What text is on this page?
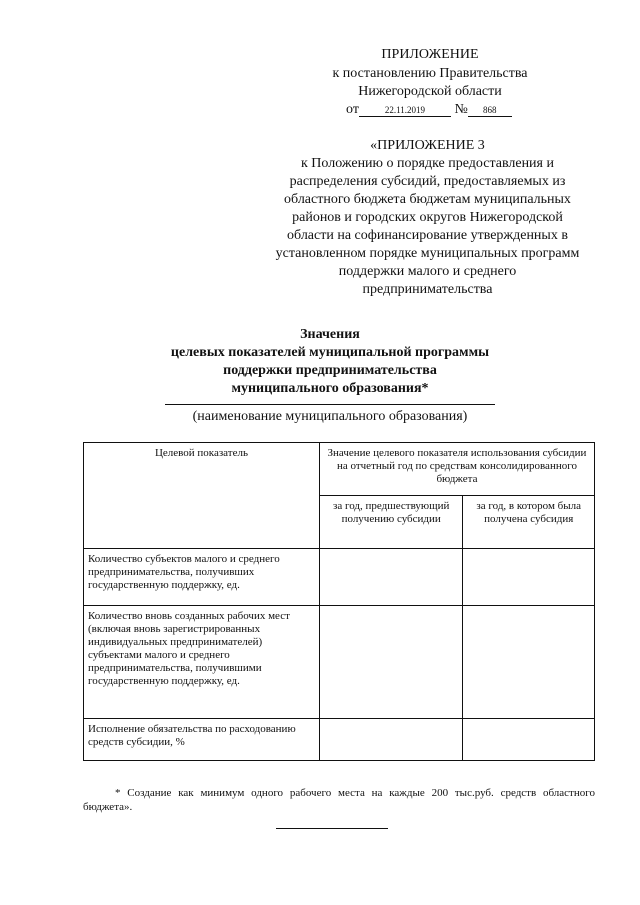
ПРИЛОЖЕНИЕ
к постановлению Правительства
Нижегородской области
от	22.11.2019 № 868
«ПРИЛОЖЕНИЕ 3
к Положению о порядке предоставления и
распределения субсидий, предоставляемых из
областного бюджета бюджетам муниципальных
районов и городских округов Нижегородской
области на софинансирование утвержденных в
установленном порядке муниципальных программ
поддержки малого и среднего
предпринимательства
Значения
целевых показателей муниципальной программы
поддержки предпринимательства
муниципального образования*
(наименование муниципального образования)
Целевой показатель	Значение целевого показателя использования субсидии на отчетный год по средствам консолидированного бюджета	
	за год, предшествующий получению субсидии	за год, в котором была получена субсидия
Количество субъектов малого и среднего предпринимательства, получивших государственную поддержку, ед.		
Количество вновь созданных рабочих мест (включая вновь зарегистрированных индивидуальных предпринимателей) субъектами малого и среднего предпринимательства, получившими государственную поддержку, ед.		
Исполнение обязательства по расходованию средств субсидии, %		
* Создание как минимум одного рабочего места на каждые 200 тыс.руб. средств областного бюджета».
